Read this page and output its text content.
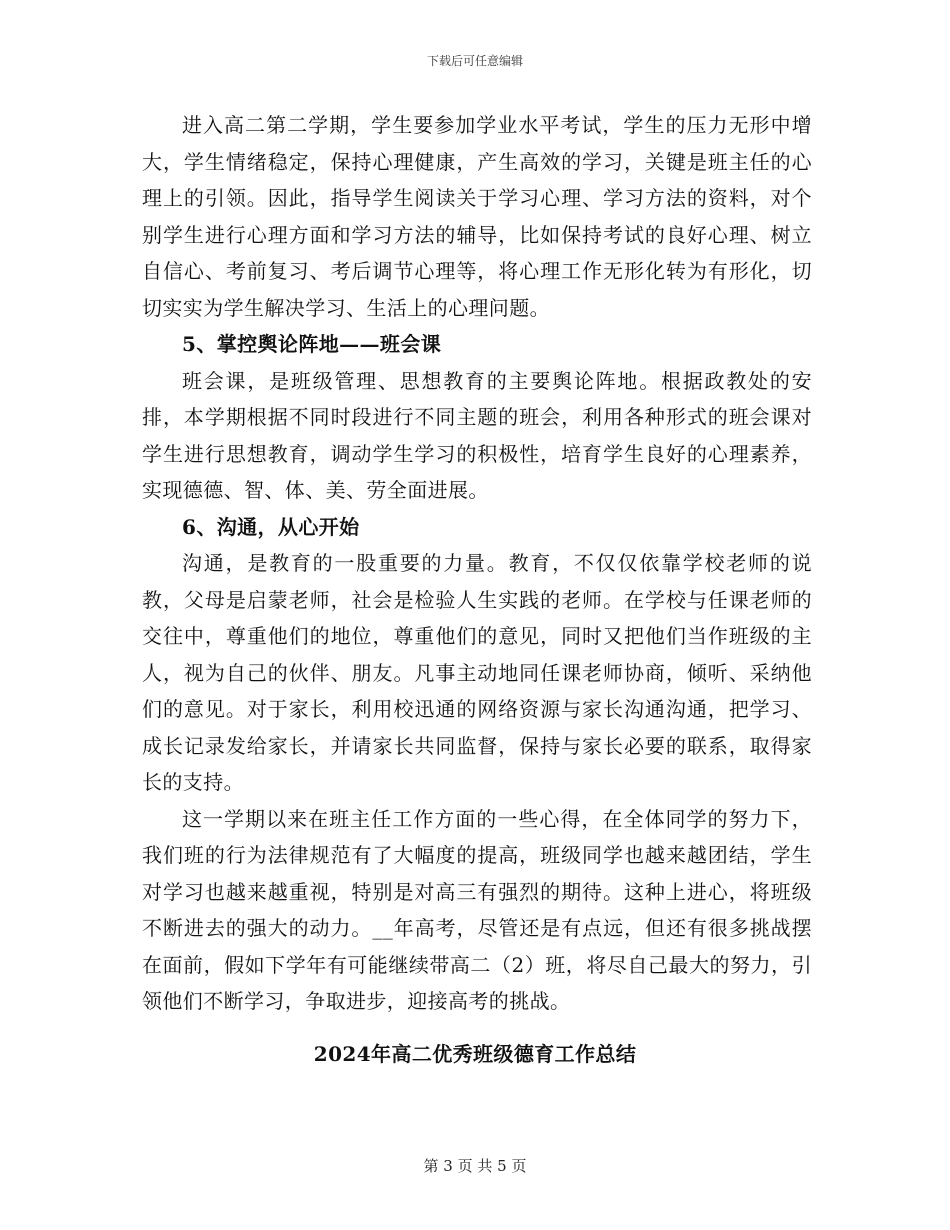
下载后可任意编辑

进入高二第二学期，学生要参加学业水平考试，学生的压力无形中增大，学生情绪稳定，保持心理健康，产生高效的学习，关键是班主任的心理上的引领。因此，指导学生阅读关于学习心理、学习方法的资料，对个别学生进行心理方面和学习方法的辅导，比如保持考试的良好心理、树立自信心、考前复习、考后调节心理等，将心理工作无形化转为有形化，切切实实为学生解决学习、生活上的心理问题。

5、掌控舆论阵地——班会课

班会课，是班级管理、思想教育的主要舆论阵地。根据政教处的安排，本学期根据不同时段进行不同主题的班会，利用各种形式的班会课对学生进行思想教育，调动学生学习的积极性，培育学生良好的心理素养，实现德德、智、体、美、劳全面进展。

6、沟通，从心开始

沟通，是教育的一股重要的力量。教育，不仅仅依靠学校老师的说教，父母是启蒙老师，社会是检验人生实践的老师。在学校与任课老师的交往中，尊重他们的地位，尊重他们的意见，同时又把他们当作班级的主人，视为自己的伙伴、朋友。凡事主动地同任课老师协商，倾听、采纳他们的意见。对于家长，利用校迅通的网络资源与家长沟通沟通，把学习、成长记录发给家长，并请家长共同监督，保持与家长必要的联系，取得家长的支持。

这一学期以来在班主任工作方面的一些心得，在全体同学的努力下，我们班的行为法律规范有了大幅度的提高，班级同学也越来越团结，学生对学习也越来越重视，特别是对高三有强烈的期待。这种上进心，将班级不断进去的强大的动力。__年高考，尽管还是有点远，但还有很多挑战摆在面前，假如下学年有可能继续带高二（2）班，将尽自己最大的努力，引领他们不断学习，争取进步，迎接高考的挑战。

2024年高二优秀班级德育工作总结
第 3 页 共 5 页
